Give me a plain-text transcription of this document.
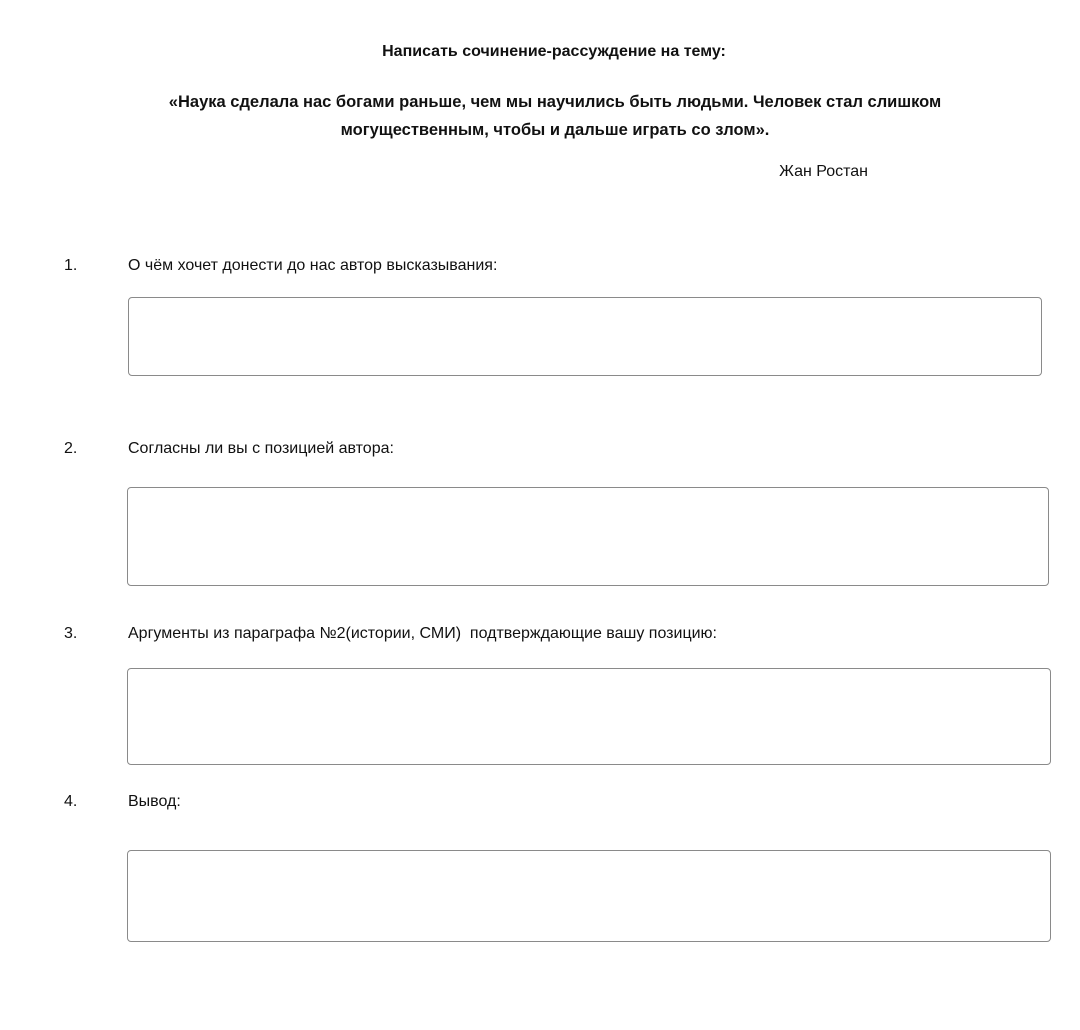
Написать сочинение-рассуждение на тему:
«Наука сделала нас богами раньше, чем мы научились быть людьми. Человек стал слишком могущественным, чтобы и дальше играть со злом».
Жан Ростан
1.	О чём хочет донести до нас автор высказывания:
2.	Согласны ли вы с позицией автора:
3.	Аргументы из параграфа №2(истории, СМИ)  подтверждающие вашу позицию:
4.	Вывод:
